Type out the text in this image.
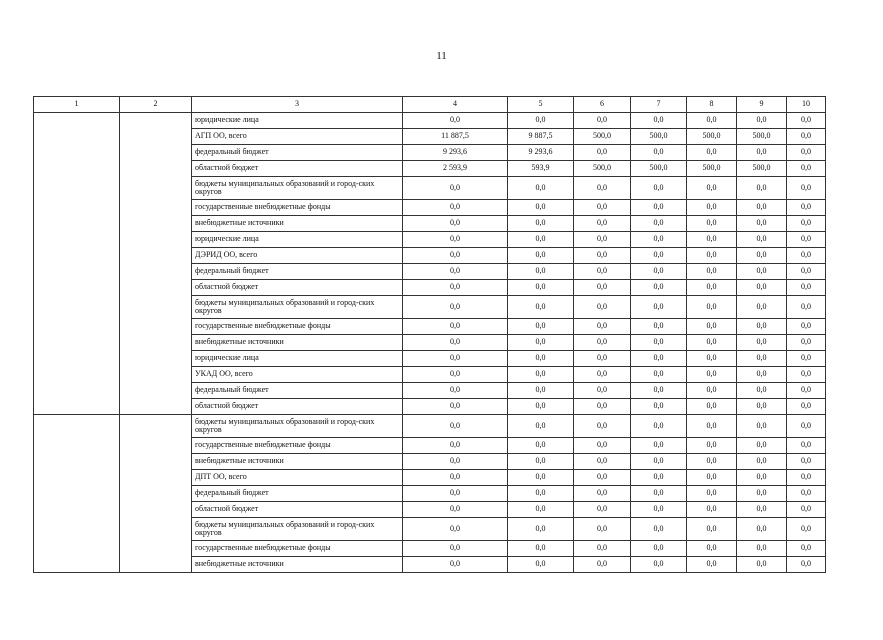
11
1	2	3	4	5	6	7	8	9	10
		юридические лица	0,0	0,0	0,0	0,0	0,0	0,0	0,0
		АГП ОО, всего	11 887,5	9 887,5	500,0	500,0	500,0	500,0	0,0
		федеральный бюджет	9 293,6	9 293,6	0,0	0,0	0,0	0,0	0,0
		областной бюджет	2 593,9	593,9	500,0	500,0	500,0	500,0	0,0
		бюджеты муниципальных образований и город-ских округов	0,0	0,0	0,0	0,0	0,0	0,0	0,0
		государственные внебюджетные фонды	0,0	0,0	0,0	0,0	0,0	0,0	0,0
		внебюджетные источники	0,0	0,0	0,0	0,0	0,0	0,0	0,0
		юридические лица	0,0	0,0	0,0	0,0	0,0	0,0	0,0
		ДЭРИД ОО, всего	0,0	0,0	0,0	0,0	0,0	0,0	0,0
		федеральный бюджет	0,0	0,0	0,0	0,0	0,0	0,0	0,0
		областной бюджет	0,0	0,0	0,0	0,0	0,0	0,0	0,0
		бюджеты муниципальных образований и город-ских округов	0,0	0,0	0,0	0,0	0,0	0,0	0,0
		государственные внебюджетные фонды	0,0	0,0	0,0	0,0	0,0	0,0	0,0
		внебюджетные источники	0,0	0,0	0,0	0,0	0,0	0,0	0,0
		юридические лица	0,0	0,0	0,0	0,0	0,0	0,0	0,0
		УКАД ОО, всего	0,0	0,0	0,0	0,0	0,0	0,0	0,0
		федеральный бюджет	0,0	0,0	0,0	0,0	0,0	0,0	0,0
		областной бюджет	0,0	0,0	0,0	0,0	0,0	0,0	0,0
		бюджеты муниципальных образований и город-ских округов	0,0	0,0	0,0	0,0	0,0	0,0	0,0
		государственные внебюджетные фонды	0,0	0,0	0,0	0,0	0,0	0,0	0,0
		внебюджетные источники	0,0	0,0	0,0	0,0	0,0	0,0	0,0
		ДПТ ОО, всего	0,0	0,0	0,0	0,0	0,0	0,0	0,0
		федеральный бюджет	0,0	0,0	0,0	0,0	0,0	0,0	0,0
		областной бюджет	0,0	0,0	0,0	0,0	0,0	0,0	0,0
		бюджеты муниципальных образований и город-ских округов	0,0	0,0	0,0	0,0	0,0	0,0	0,0
		государственные внебюджетные фонды	0,0	0,0	0,0	0,0	0,0	0,0	0,0
		внебюджетные источники	0,0	0,0	0,0	0,0	0,0	0,0	0,0
